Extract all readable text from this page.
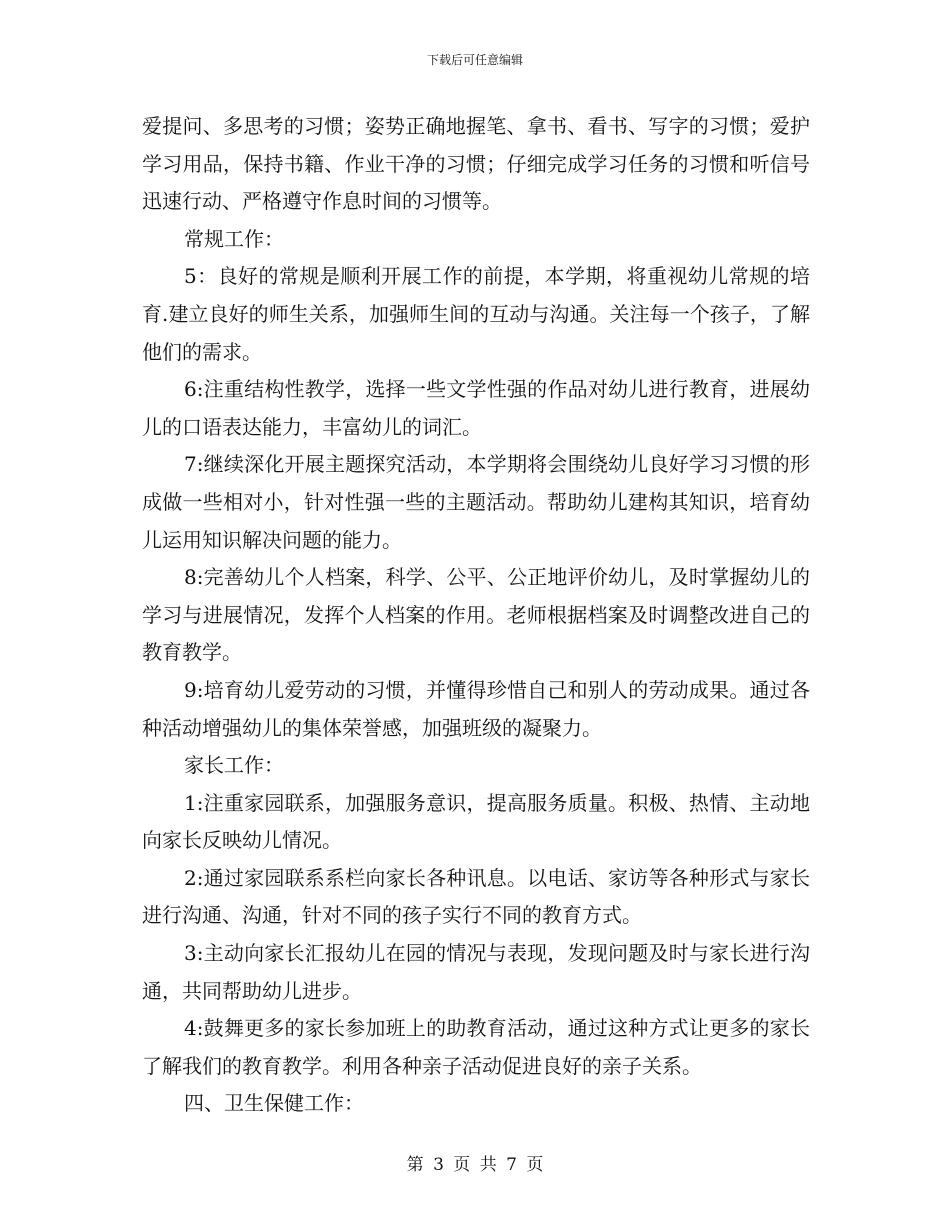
下载后可任意编辑

爱提问、多思考的习惯；姿势正确地握笔、拿书、看书、写字的习惯；爱护学习用品，保持书籍、作业干净的习惯；仔细完成学习任务的习惯和听信号迅速行动、严格遵守作息时间的习惯等。

常规工作：

5：良好的常规是顺利开展工作的前提，本学期，将重视幼儿常规的培育.建立良好的师生关系，加强师生间的互动与沟通。关注每一个孩子，了解他们的需求。

6:注重结构性教学，选择一些文学性强的作品对幼儿进行教育，进展幼儿的口语表达能力，丰富幼儿的词汇。

7:继续深化开展主题探究活动，本学期将会围绕幼儿良好学习习惯的形成做一些相对小，针对性强一些的主题活动。帮助幼儿建构其知识，培育幼儿运用知识解决问题的能力。

8:完善幼儿个人档案，科学、公平、公正地评价幼儿，及时掌握幼儿的学习与进展情况，发挥个人档案的作用。老师根据档案及时调整改进自己的教育教学。

9:培育幼儿爱劳动的习惯，并懂得珍惜自己和别人的劳动成果。通过各种活动增强幼儿的集体荣誉感，加强班级的凝聚力。

家长工作：

1:注重家园联系，加强服务意识，提高服务质量。积极、热情、主动地向家长反映幼儿情况。

2:通过家园联系系栏向家长各种讯息。以电话、家访等各种形式与家长进行沟通、沟通，针对不同的孩子实行不同的教育方式。

3:主动向家长汇报幼儿在园的情况与表现，发现问题及时与家长进行沟通，共同帮助幼儿进步。

4:鼓舞更多的家长参加班上的助教育活动，通过这种方式让更多的家长了解我们的教育教学。利用各种亲子活动促进良好的亲子关系。

四、卫生保健工作：

第 3 页 共 7 页
